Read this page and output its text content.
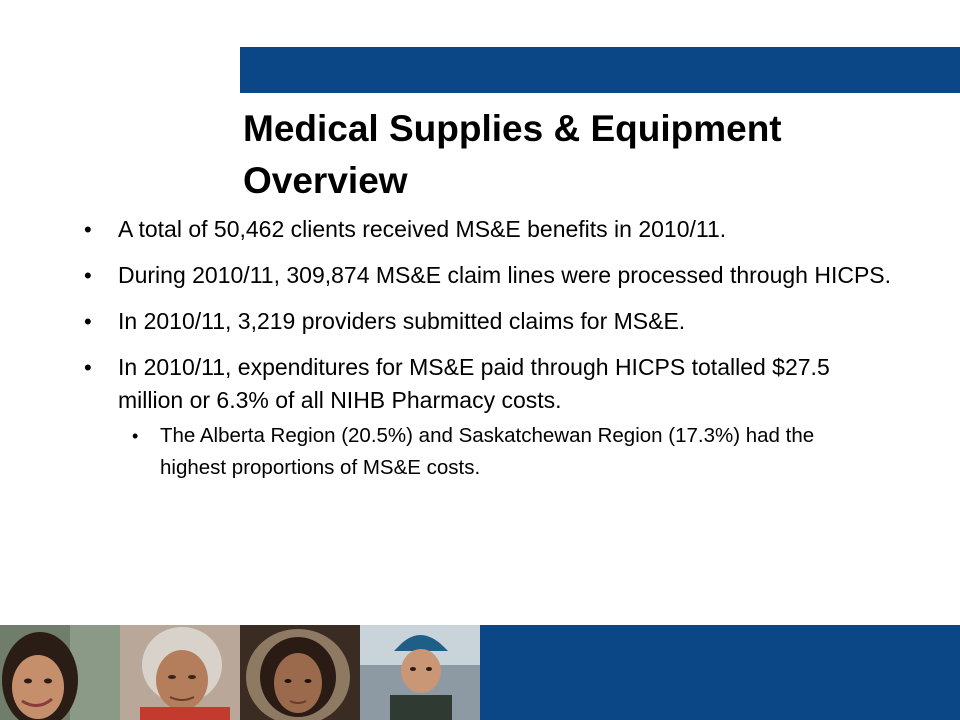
Medical Supplies & Equipment Overview
• A total of 50,462 clients received MS&E benefits in 2010/11.
• During 2010/11, 309,874 MS&E claim lines were processed through HICPS.
• In 2010/11, 3,219 providers submitted claims for MS&E.
• In 2010/11, expenditures for MS&E paid through HICPS totalled $27.5 million or 6.3% of all NIHB Pharmacy costs.
• The Alberta Region (20.5%) and Saskatchewan Region (17.3%) had the highest proportions of MS&E costs.
